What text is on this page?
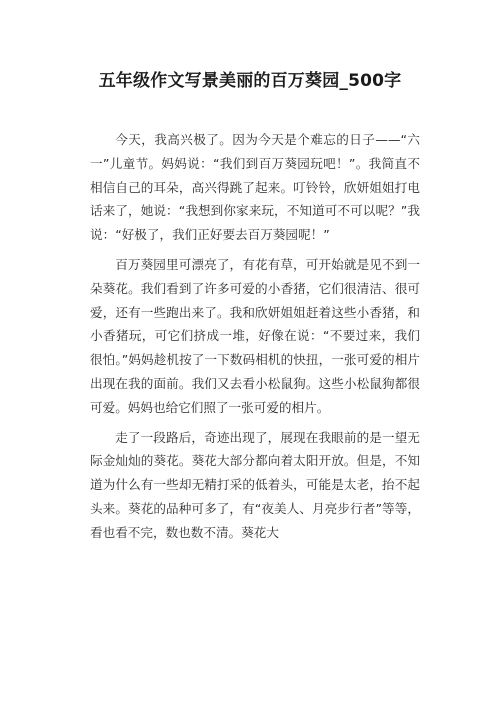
五年级作文写景美丽的百万葵园_500字

今天，我高兴极了。因为今天是个难忘的日子——“六一”儿童节。妈妈说：“我们到百万葵园玩吧！”。我简直不相信自己的耳朵，高兴得跳了起来。叮铃铃，欣妍姐姐打电话来了，她说：“我想到你家来玩，不知道可不可以呢？”我说：“好极了，我们正好要去百万葵园呢！”

百万葵园里可漂亮了，有花有草，可开始就是见不到一朵葵花。我们看到了许多可爱的小香猪，它们很清洁、很可爱，还有一些跑出来了。我和欣妍姐姐赶着这些小香猪，和小香猪玩，可它们挤成一堆，好像在说：“不要过来，我们很怕。”妈妈趁机按了一下数码相机的快扭，一张可爱的相片出现在我的面前。我们又去看小松鼠狗。这些小松鼠狗都很可爱。妈妈也给它们照了一张可爱的相片。

走了一段路后，奇迹出现了，展现在我眼前的是一望无际金灿灿的葵花。葵花大部分都向着太阳开放。但是，不知道为什么有一些却无精打采的低着头，可能是太老，抬不起头来。葵花的品种可多了，有“夜美人、月亮步行者”等等，看也看不完，数也数不清。葵花大
